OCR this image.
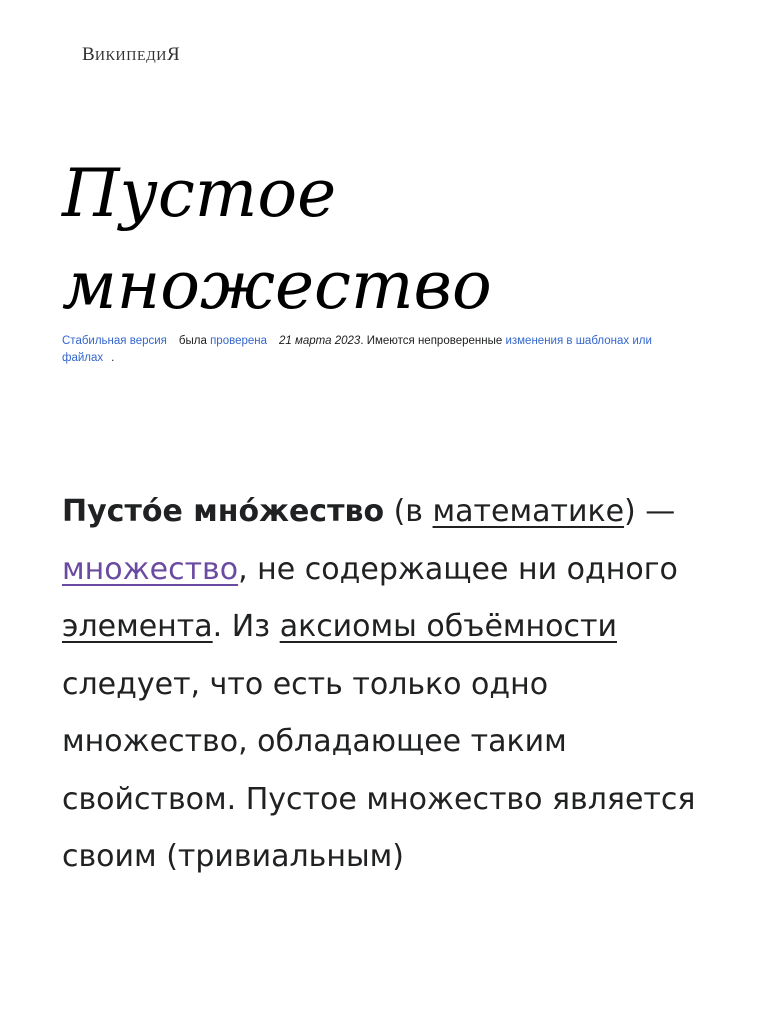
ВИКИПЕДИЯ
Пустое
множество
Стабильная версия была проверена 21 марта 2023. Имеются непроверенные изменения в шаблонах или
файлах .

Пусто́е мно́жество (в математике) — множество, не содержащее ни одного элемента. Из аксиомы объёмности следует, что есть только одно множество, обладающее таким свойством. Пустое множество является своим (тривиальным)
